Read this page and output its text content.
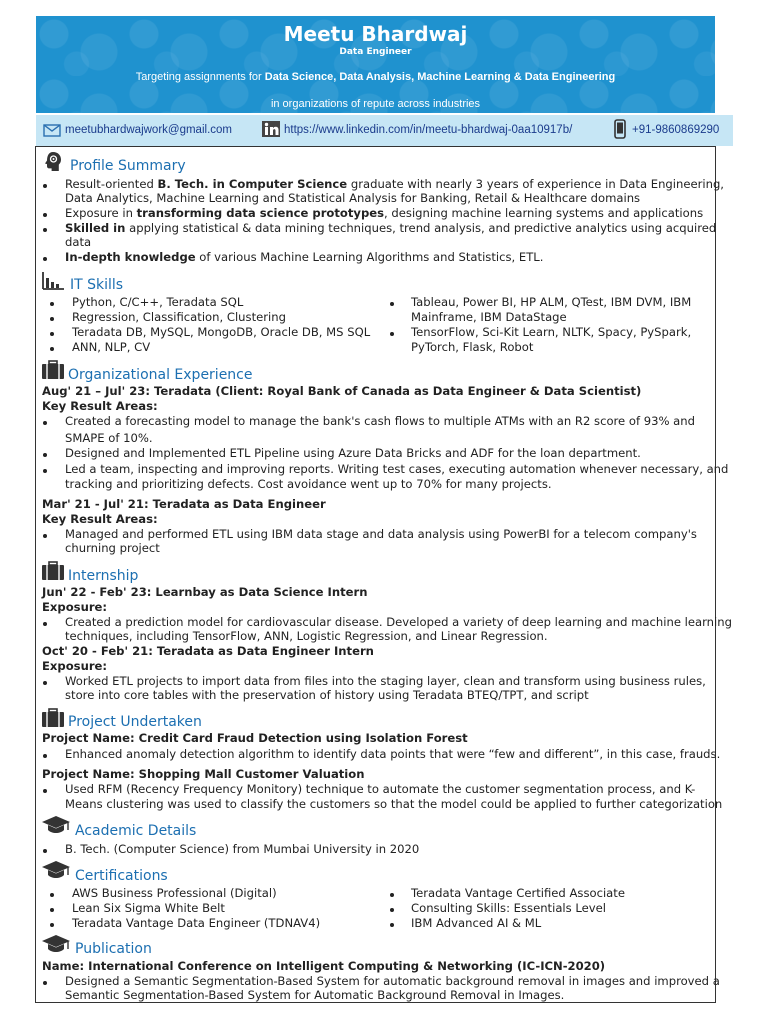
Meetu Bhardwaj
Data Engineer
Targeting assignments for Data Science, Data Analysis, Machine Learning & Data Engineering
in organizations of repute across industries
meetubhardwajwork@gmail.com	https://www.linkedin.com/in/meetu-bhardwaj-0aa10917b/	+91-9860869290
Profile Summary
Result-oriented B. Tech. in Computer Science graduate with nearly 3 years of experience in Data Engineering,
Data Analytics, Machine Learning and Statistical Analysis for Banking, Retail & Healthcare domains
Exposure in transforming data science prototypes, designing machine learning systems and applications
Skilled in applying statistical & data mining techniques, trend analysis, and predictive analytics using acquired
data
In-depth knowledge of various Machine Learning Algorithms and Statistics, ETL.
IT Skills
Python, C/C++, Teradata SQL
Regression, Classification, Clustering
Teradata DB, MySQL, MongoDB, Oracle DB, MS SQL
ANN, NLP, CV
Tableau, Power BI, HP ALM, QTest, IBM DVM, IBM
Mainframe, IBM DataStage
TensorFlow, Sci-Kit Learn, NLTK, Spacy, PySpark,
PyTorch, Flask, Robot
Organizational Experience
Aug' 21 – Jul' 23: Teradata (Client: Royal Bank of Canada as Data Engineer & Data Scientist)
Key Result Areas:
Created a forecasting model to manage the bank's cash flows to multiple ATMs with an R2 score of 93% and
SMAPE of 10%.
Designed and Implemented ETL Pipeline using Azure Data Bricks and ADF for the loan department.
Led a team, inspecting and improving reports. Writing test cases, executing automation whenever necessary, and
tracking and prioritizing defects. Cost avoidance went up to 70% for many projects.
Mar' 21 - Jul' 21: Teradata as Data Engineer
Key Result Areas:
Managed and performed ETL using IBM data stage and data analysis using PowerBI for a telecom company's
churning project
Internship
Jun' 22 - Feb' 23: Learnbay as Data Science Intern
Exposure:
Created a prediction model for cardiovascular disease. Developed a variety of deep learning and machine learning
techniques, including TensorFlow, ANN, Logistic Regression, and Linear Regression.
Oct' 20 - Feb' 21: Teradata as Data Engineer Intern
Exposure:
Worked ETL projects to import data from files into the staging layer, clean and transform using business rules,
store into core tables with the preservation of history using Teradata BTEQ/TPT, and script
Project Undertaken
Project Name: Credit Card Fraud Detection using Isolation Forest
Enhanced anomaly detection algorithm to identify data points that were “few and different”, in this case, frauds.
Project Name: Shopping Mall Customer Valuation
Used RFM (Recency Frequency Monitory) technique to automate the customer segmentation process, and K-
Means clustering was used to classify the customers so that the model could be applied to further categorization
Academic Details
B. Tech. (Computer Science) from Mumbai University in 2020
Certifications
AWS Business Professional (Digital)
Lean Six Sigma White Belt
Teradata Vantage Data Engineer (TDNAV4)
Teradata Vantage Certified Associate
Consulting Skills: Essentials Level
IBM Advanced AI & ML
Publication
Name: International Conference on Intelligent Computing & Networking (IC-ICN-2020)
Designed a Semantic Segmentation-Based System for automatic background removal in images and improved a
Semantic Segmentation-Based System for Automatic Background Removal in Images.
